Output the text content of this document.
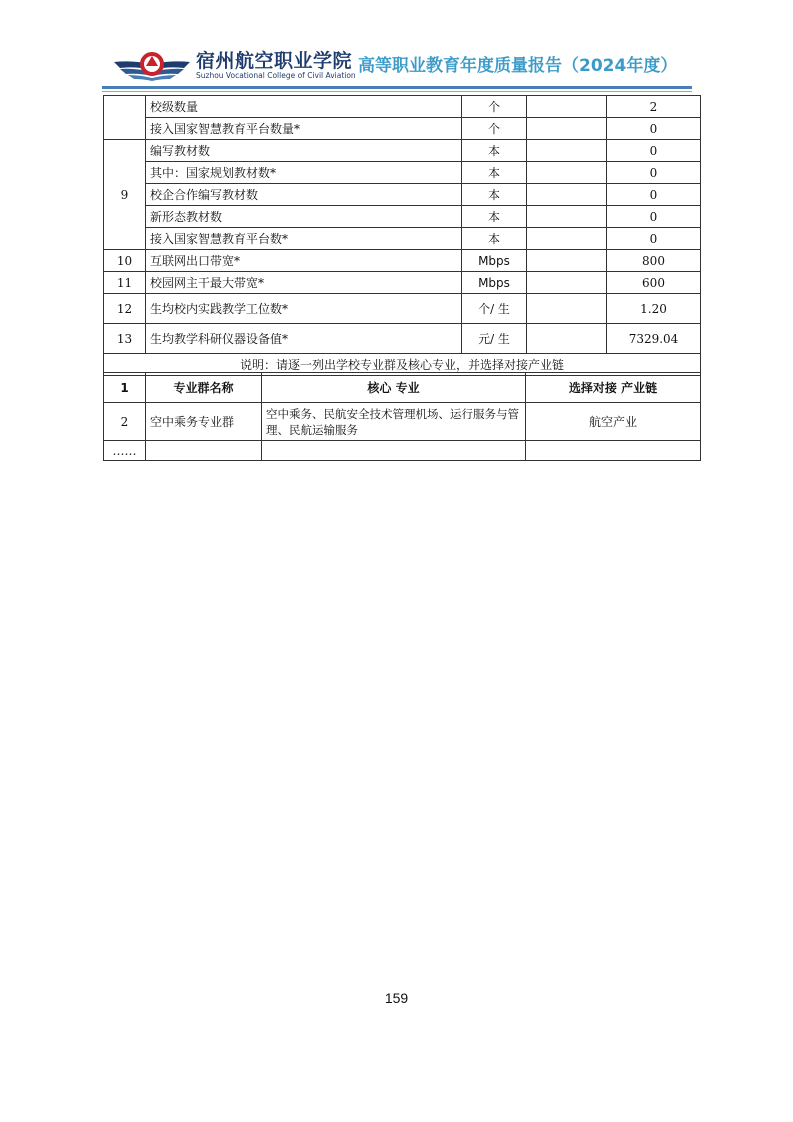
宿州航空职业学院
Suzhou Vocational College of Civil Aviation 高等职业教育年度质量报告（2024年度）
	校级数量	个		2
	接入国家智慧教育平台数量*	个		0
9	编写教材数	本		0
	其中：国家规划教材数*	本		0
	校企合作编写教材数	本		0
	新形态教材数	本		0
	接入国家智慧教育平台数*	本		0
10	互联网出口带宽*	Mbps		800
11	校园网主干最大带宽*	Mbps		600
12	生均校内实践教学工位数*	个/ 生		1.20
13	生均教学科研仪器设备值*	元/ 生		7329.04
说明：请逐一列出学校专业群及核心专业，并选择对接产业链				
1	专业群名称	核心 专业	选择对接 产业链
2	空中乘务专业群	空中乘务、民航安全技术管理机场、运行服务与管理、民航运输服务	航空产业
……			
159
